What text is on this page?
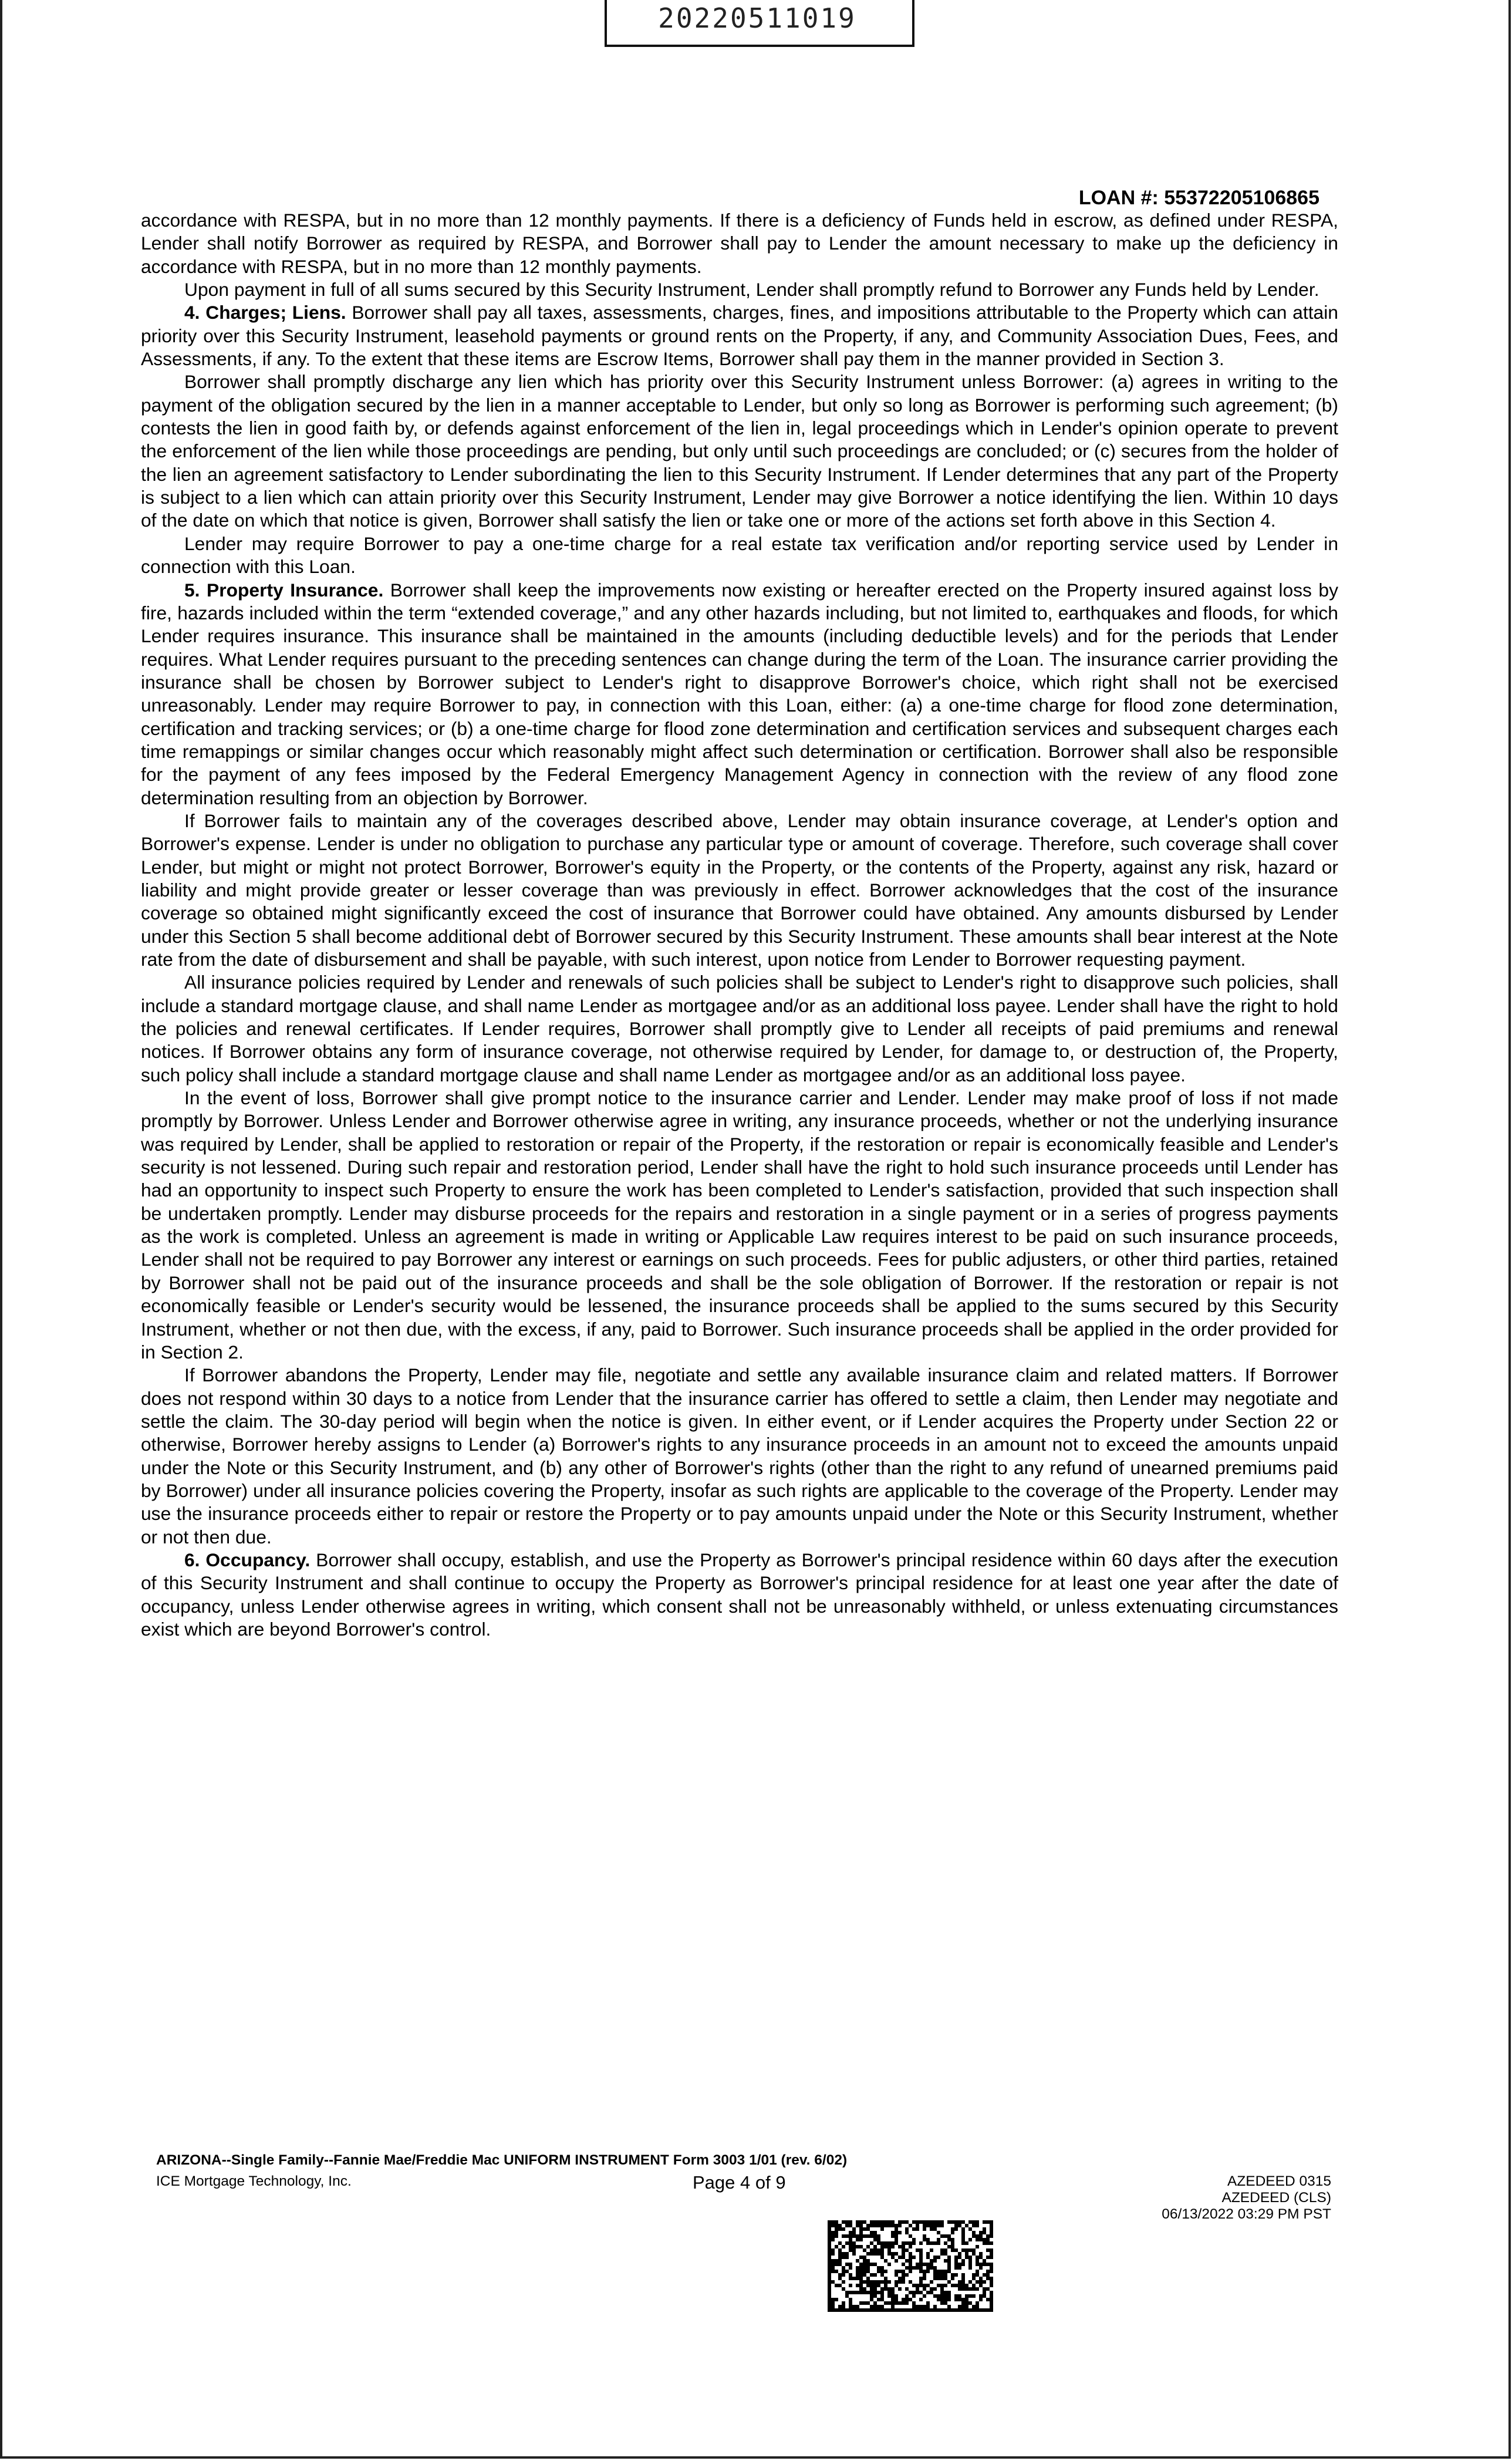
20220511019

LOAN #: 55372205106865

accordance with RESPA, but in no more than 12 monthly payments. If there is a deficiency of Funds held in escrow, as defined under RESPA, Lender shall notify Borrower as required by RESPA, and Borrower shall pay to Lender the amount necessary to make up the deficiency in accordance with RESPA, but in no more than 12 monthly payments.

Upon payment in full of all sums secured by this Security Instrument, Lender shall promptly refund to Borrower any Funds held by Lender.

4. Charges; Liens. Borrower shall pay all taxes, assessments, charges, fines, and impositions attributable to the Property which can attain priority over this Security Instrument, leasehold payments or ground rents on the Property, if any, and Community Association Dues, Fees, and Assessments, if any. To the extent that these items are Escrow Items, Borrower shall pay them in the manner provided in Section 3.

Borrower shall promptly discharge any lien which has priority over this Security Instrument unless Borrower: (a) agrees in writing to the payment of the obligation secured by the lien in a manner acceptable to Lender, but only so long as Borrower is performing such agreement; (b) contests the lien in good faith by, or defends against enforcement of the lien in, legal proceedings which in Lender's opinion operate to prevent the enforcement of the lien while those proceedings are pending, but only until such proceedings are concluded; or (c) secures from the holder of the lien an agreement satisfactory to Lender subordinating the lien to this Security Instrument. If Lender determines that any part of the Property is subject to a lien which can attain priority over this Security Instrument, Lender may give Borrower a notice identifying the lien. Within 10 days of the date on which that notice is given, Borrower shall satisfy the lien or take one or more of the actions set forth above in this Section 4.

Lender may require Borrower to pay a one-time charge for a real estate tax verification and/or reporting service used by Lender in connection with this Loan.

5. Property Insurance. Borrower shall keep the improvements now existing or hereafter erected on the Property insured against loss by fire, hazards included within the term “extended coverage,” and any other hazards including, but not limited to, earthquakes and floods, for which Lender requires insurance. This insurance shall be maintained in the amounts (including deductible levels) and for the periods that Lender requires. What Lender requires pursuant to the preceding sentences can change during the term of the Loan. The insurance carrier providing the insurance shall be chosen by Borrower subject to Lender's right to disapprove Borrower's choice, which right shall not be exercised unreasonably. Lender may require Borrower to pay, in connection with this Loan, either: (a) a one-time charge for flood zone determination, certification and tracking services; or (b) a one-time charge for flood zone determination and certification services and subsequent charges each time remappings or similar changes occur which reasonably might affect such determination or certification. Borrower shall also be responsible for the payment of any fees imposed by the Federal Emergency Management Agency in connection with the review of any flood zone determination resulting from an objection by Borrower.

If Borrower fails to maintain any of the coverages described above, Lender may obtain insurance coverage, at Lender's option and Borrower's expense. Lender is under no obligation to purchase any particular type or amount of coverage. Therefore, such coverage shall cover Lender, but might or might not protect Borrower, Borrower's equity in the Property, or the contents of the Property, against any risk, hazard or liability and might provide greater or lesser coverage than was previously in effect. Borrower acknowledges that the cost of the insurance coverage so obtained might significantly exceed the cost of insurance that Borrower could have obtained. Any amounts disbursed by Lender under this Section 5 shall become additional debt of Borrower secured by this Security Instrument. These amounts shall bear interest at the Note rate from the date of disbursement and shall be payable, with such interest, upon notice from Lender to Borrower requesting payment.

All insurance policies required by Lender and renewals of such policies shall be subject to Lender's right to disapprove such policies, shall include a standard mortgage clause, and shall name Lender as mortgagee and/or as an additional loss payee. Lender shall have the right to hold the policies and renewal certificates. If Lender requires, Borrower shall promptly give to Lender all receipts of paid premiums and renewal notices. If Borrower obtains any form of insurance coverage, not otherwise required by Lender, for damage to, or destruction of, the Property, such policy shall include a standard mortgage clause and shall name Lender as mortgagee and/or as an additional loss payee.

In the event of loss, Borrower shall give prompt notice to the insurance carrier and Lender. Lender may make proof of loss if not made promptly by Borrower. Unless Lender and Borrower otherwise agree in writing, any insurance proceeds, whether or not the underlying insurance was required by Lender, shall be applied to restoration or repair of the Property, if the restoration or repair is economically feasible and Lender's security is not lessened. During such repair and restoration period, Lender shall have the right to hold such insurance proceeds until Lender has had an opportunity to inspect such Property to ensure the work has been completed to Lender's satisfaction, provided that such inspection shall be undertaken promptly. Lender may disburse proceeds for the repairs and restoration in a single payment or in a series of progress payments as the work is completed. Unless an agreement is made in writing or Applicable Law requires interest to be paid on such insurance proceeds, Lender shall not be required to pay Borrower any interest or earnings on such proceeds. Fees for public adjusters, or other third parties, retained by Borrower shall not be paid out of the insurance proceeds and shall be the sole obligation of Borrower. If the restoration or repair is not economically feasible or Lender's security would be lessened, the insurance proceeds shall be applied to the sums secured by this Security Instrument, whether or not then due, with the excess, if any, paid to Borrower. Such insurance proceeds shall be applied in the order provided for in Section 2.

If Borrower abandons the Property, Lender may file, negotiate and settle any available insurance claim and related matters. If Borrower does not respond within 30 days to a notice from Lender that the insurance carrier has offered to settle a claim, then Lender may negotiate and settle the claim. The 30-day period will begin when the notice is given. In either event, or if Lender acquires the Property under Section 22 or otherwise, Borrower hereby assigns to Lender (a) Borrower's rights to any insurance proceeds in an amount not to exceed the amounts unpaid under the Note or this Security Instrument, and (b) any other of Borrower's rights (other than the right to any refund of unearned premiums paid by Borrower) under all insurance policies covering the Property, insofar as such rights are applicable to the coverage of the Property. Lender may use the insurance proceeds either to repair or restore the Property or to pay amounts unpaid under the Note or this Security Instrument, whether or not then due.

6. Occupancy. Borrower shall occupy, establish, and use the Property as Borrower's principal residence within 60 days after the execution of this Security Instrument and shall continue to occupy the Property as Borrower's principal residence for at least one year after the date of occupancy, unless Lender otherwise agrees in writing, which consent shall not be unreasonably withheld, or unless extenuating circumstances exist which are beyond Borrower's control.

ARIZONA--Single Family--Fannie Mae/Freddie Mac UNIFORM INSTRUMENT Form 3003 1/01 (rev. 6/02)

ICE Mortgage Technology, Inc.	Page 4 of 9	AZEDEED 0315
AZEDEED (CLS)
06/13/2022 03:29 PM PST
